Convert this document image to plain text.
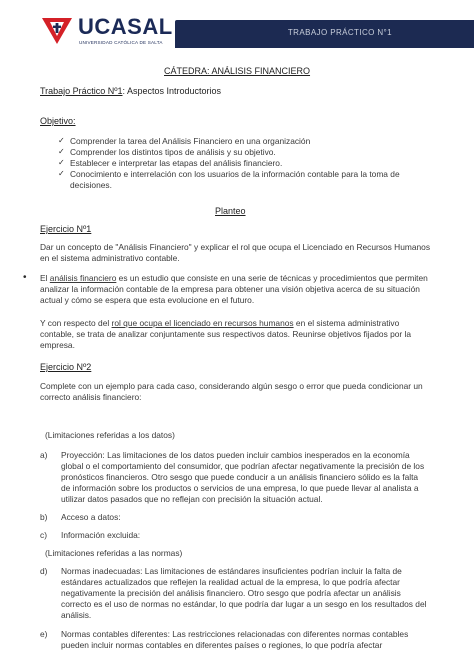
UCASAL
UNIVERSIDAD CATÓLICA DE SALTA
TRABAJO PRÁCTICO N°1
CÁTEDRA: ANÁLISIS FINANCIERO
Trabajo Práctico Nº1: Aspectos Introductorios
Objetivo:
✓ Comprender la tarea del Análisis Financiero en una organización
✓ Comprender los distintos tipos de análisis y su objetivo.
✓ Establecer e interpretar las etapas del análisis financiero.
✓ Conocimiento e interrelación con los usuarios de la información contable para la toma de
decisiones.
Planteo
Ejercicio Nº1
Dar un concepto de "Análisis Financiero" y explicar el rol que ocupa el Licenciado en Recursos Humanos
en el sistema administrativo contable.
• El análisis financiero es un estudio que consiste en una serie de técnicas y procedimientos que permiten
analizar la información contable de la empresa para obtener una visión objetiva acerca de su situación
actual y cómo se espera que esta evolucione en el futuro.
Y con respecto del rol que ocupa el licenciado en recursos humanos en el sistema administrativo
contable, se trata de analizar conjuntamente sus respectivos datos. Reunirse objetivos fijados por la
empresa.
Ejercicio Nº2
Complete con un ejemplo para cada caso, considerando algún sesgo o error que pueda condicionar un
correcto análisis financiero:
(Limitaciones referidas a los datos)
a) Proyección: Las limitaciones de los datos pueden incluir cambios inesperados en la economía
global o el comportamiento del consumidor, que podrían afectar negativamente la precisión de los
pronósticos financieros. Otro sesgo que puede conducir a un análisis financiero sólido es la falta
de información sobre los productos o servicios de una empresa, lo que puede llevar al analista a
utilizar datos pasados que no reflejan con precisión la situación actual.
b) Acceso a datos:
c) Información excluida:
(Limitaciones referidas a las normas)
d) Normas inadecuadas: Las limitaciones de estándares insuficientes podrían incluir la falta de
estándares actualizados que reflejen la realidad actual de la empresa, lo que podría afectar
negativamente la precisión del análisis financiero. Otro sesgo que podría afectar un análisis
correcto es el uso de normas no estándar, lo que podría dar lugar a un sesgo en los resultados del
análisis.
e) Normas contables diferentes: Las restricciones relacionadas con diferentes normas contables
pueden incluir normas contables en diferentes países o regiones, lo que podría afectar
